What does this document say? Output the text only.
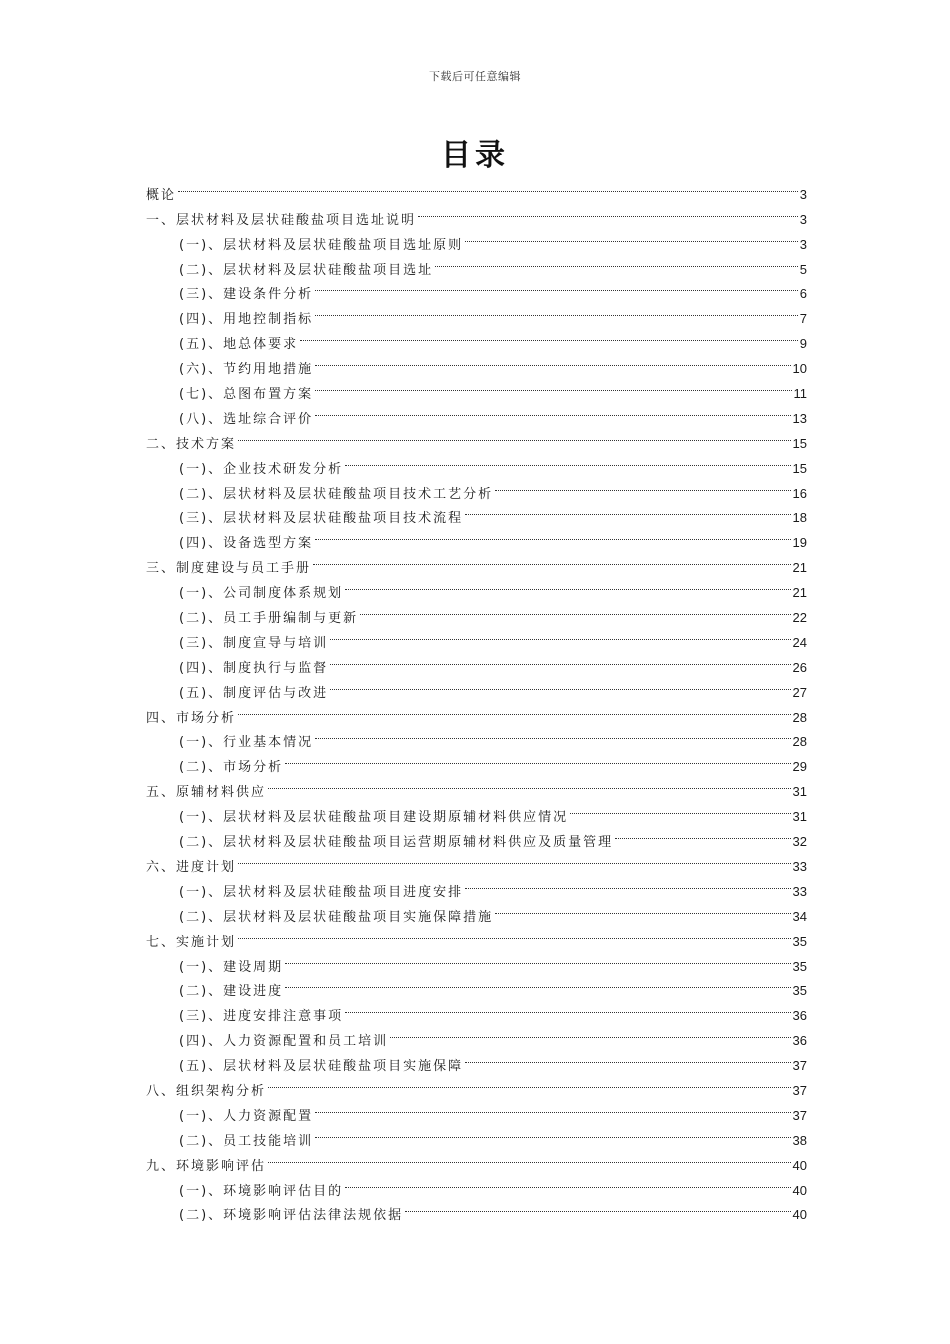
下载后可任意编辑
目录
概论	3
一、层状材料及层状硅酸盐项目选址说明	3
(一)、层状材料及层状硅酸盐项目选址原则	3
(二)、层状材料及层状硅酸盐项目选址	5
(三)、建设条件分析	6
(四)、用地控制指标	7
(五)、地总体要求	9
(六)、节约用地措施	10
(七)、总图布置方案	11
(八)、选址综合评价	13
二、技术方案	15
(一)、企业技术研发分析	15
(二)、层状材料及层状硅酸盐项目技术工艺分析	16
(三)、层状材料及层状硅酸盐项目技术流程	18
(四)、设备选型方案	19
三、制度建设与员工手册	21
(一)、公司制度体系规划	21
(二)、员工手册编制与更新	22
(三)、制度宣导与培训	24
(四)、制度执行与监督	26
(五)、制度评估与改进	27
四、市场分析	28
(一)、行业基本情况	28
(二)、市场分析	29
五、原辅材料供应	31
(一)、层状材料及层状硅酸盐项目建设期原辅材料供应情况	31
(二)、层状材料及层状硅酸盐项目运营期原辅材料供应及质量管理	32
六、进度计划	33
(一)、层状材料及层状硅酸盐项目进度安排	33
(二)、层状材料及层状硅酸盐项目实施保障措施	34
七、实施计划	35
(一)、建设周期	35
(二)、建设进度	35
(三)、进度安排注意事项	36
(四)、人力资源配置和员工培训	36
(五)、层状材料及层状硅酸盐项目实施保障	37
八、组织架构分析	37
(一)、人力资源配置	37
(二)、员工技能培训	38
九、环境影响评估	40
(一)、环境影响评估目的	40
(二)、环境影响评估法律法规依据	40
